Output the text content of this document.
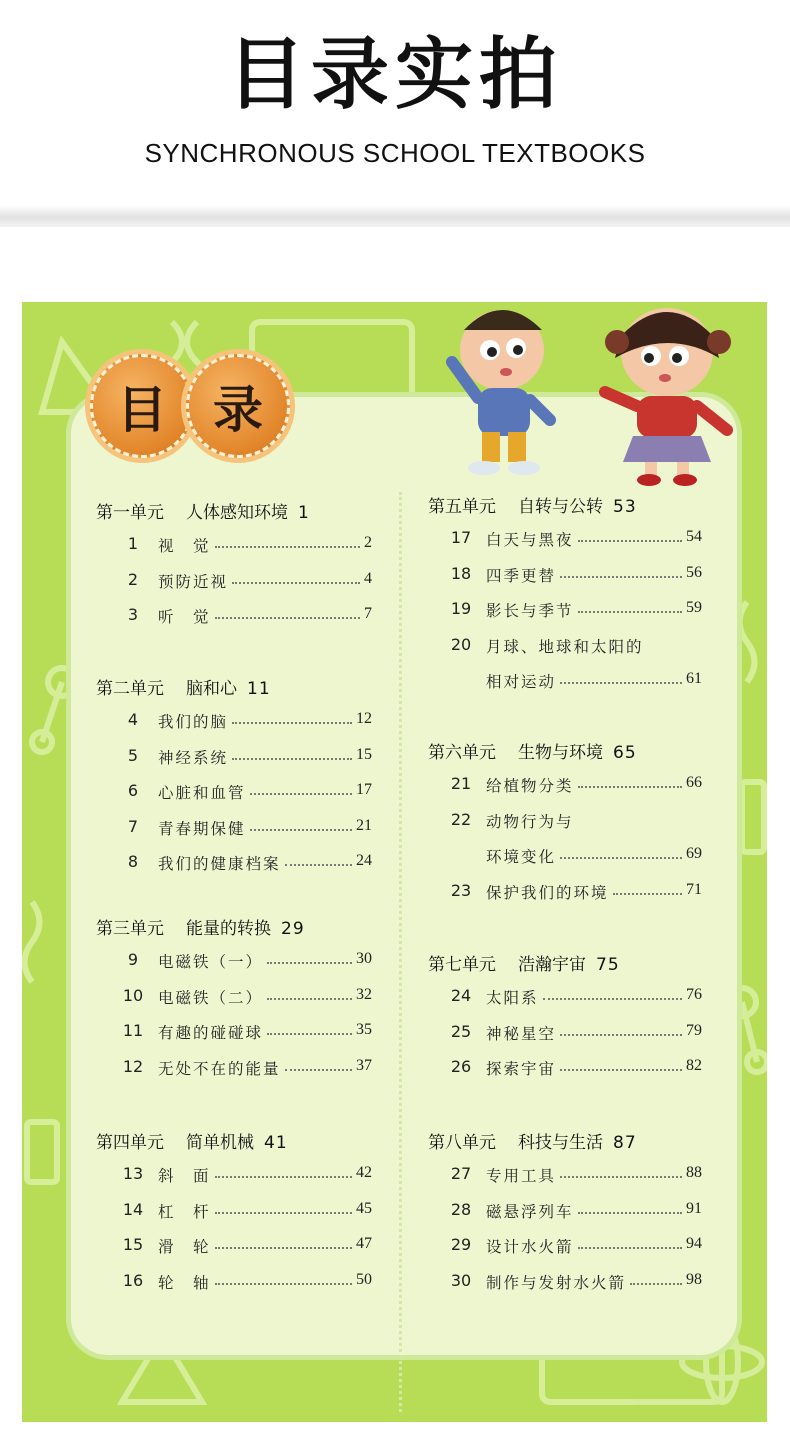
目录实拍
SYNCHRONOUS SCHOOL TEXTBOOKS
目 录
第一单元 人体感知环境 1
1	视　觉	2
2	预防近视	4
3	听　觉	7
第二单元 脑和心 11
4	我们的脑	12
5	神经系统	15
6	心脏和血管	17
7	青春期保健	21
8	我们的健康档案	24
第三单元 能量的转换 29
9	电磁铁（一）	30
10 电磁铁（二）	32
11 有趣的碰碰球	35
12 无处不在的能量	37
第四单元 简单机械 41
13 斜　面	42
14 杠　杆	45
15 滑　轮	47
16 轮　轴	50
第五单元 自转与公转 53
17 白天与黑夜	54
18 四季更替	56
19 影长与季节	59
20 月球、地球和太阳的
相对运动	61
第六单元 生物与环境 65
21 给植物分类	66
22 动物行为与
环境变化	69
23 保护我们的环境	71
第七单元 浩瀚宇宙 75
24 太阳系	76
25 神秘星空	79
26 探索宇宙	82
第八单元 科技与生活 87
27 专用工具	88
28 磁悬浮列车	91
29 设计水火箭	94
30 制作与发射水火箭	98
